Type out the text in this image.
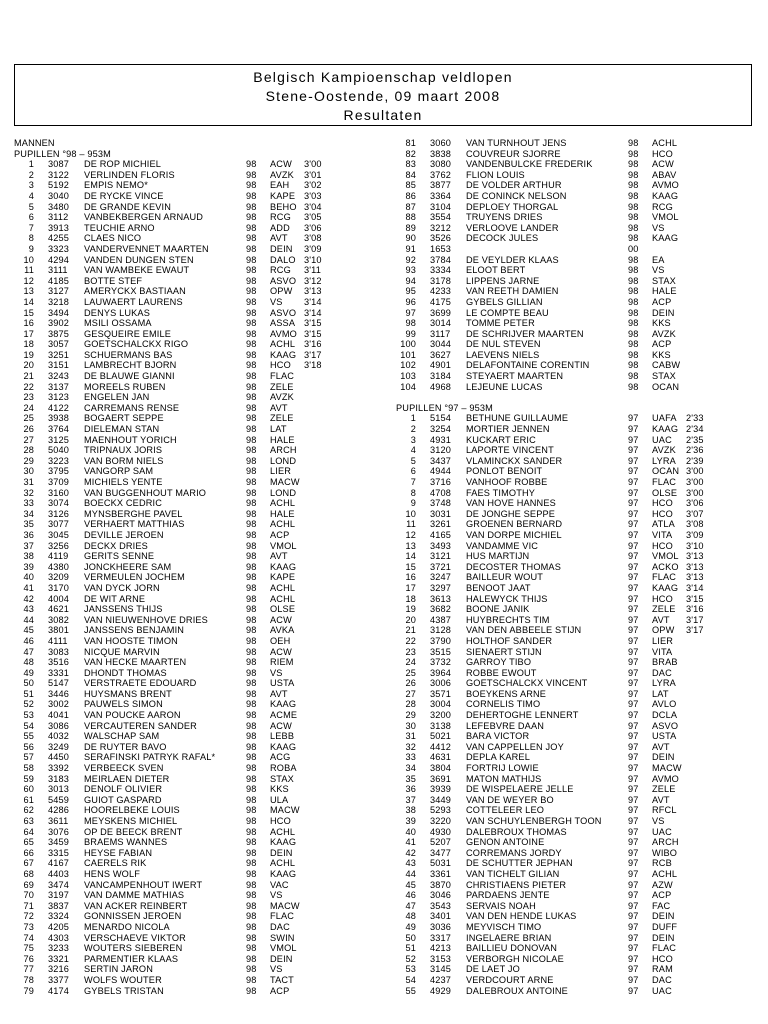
Belgisch Kampioenschap veldlopen
Stene-Oostende, 09 maart 2008
Resultaten
MANNEN
PUPILLEN °98 – 953M
1 3087 DE ROP MICHIEL	98 ACW 3'00
2 3122 VERLINDEN FLORIS	98 AVZK 3'01
3 5192 EMPIS NEMO*	98 EAH 3'02
4 3040 DE RYCKE VINCE	98 KAPE 3'03
5 3480 DE GRANDE KEVIN	98 BEHO 3'04
6 3112 VANBEKBERGEN ARNAUD	98 RCG 3'05
7 3913 TEUCHIE ARNO	98 ADD 3'06
8 4255 CLAES NICO	98 AVT 3'08
9 3323 VANDERVENNET MAARTEN	98 DEIN 3'09
10 4294 VANDEN DUNGEN STEN	98 DALO 3'10
11 3111 VAN WAMBEKE EWAUT	98 RCG 3'11
12 4185 BOTTE STEF	98 ASVO 3'12
13 3127 AMERYCKX BASTIAAN	98 OPW 3'13
14 3218 LAUWAERT LAURENS	98 VS 3'14
15 3494 DENYS LUKAS	98 ASVO 3'14
16 3902 MSILI OSSAMA	98 ASSA 3'15
17 3875 GESQUEIRE EMILE	98 AVMO 3'15
18 3057 GOETSCHALCKX RIGO	98 ACHL 3'16
19 3251 SCHUERMANS BAS	98 KAAG 3'17
20 3151 LAMBRECHT BJORN	98 HCO 3'18
21 3243 DE BLAUWE GIANNI	98 FLAC
22 3137 MOREELS RUBEN	98 ZELE
23 3123 ENGELEN JAN	98 AVZK
24 4122 CARREMANS RENSE	98 AVT
25 3938 BOGAERT SEPPE	98 ZELE
26 3764 DIELEMAN STAN	98 LAT
27 3125 MAENHOUT YORICH	98 HALE
28 5040 TRIPNAUX JORIS	98 ARCH
29 3223 VAN BORM NIELS	98 LOND
30 3795 VANGORP SAM	98 LIER
31 3709 MICHIELS YENTE	98 MACW
32 3160 VAN BUGGENHOUT MARIO	98 LOND
33 3074 BOECKX CEDRIC	98 ACHL
34 3126 MYNSBERGHE PAVEL	98 HALE
35 3077 VERHAERT MATTHIAS	98 ACHL
36 3045 DEVILLE JEROEN	98 ACP
37 3256 DECKX DRIES	98 VMOL
38 4119 GERITS SENNE	98 AVT
39 4380 JONCKHEERE SAM	98 KAAG
40 3209 VERMEULEN JOCHEM	98 KAPE
41 3170 VAN DYCK JORN	98 ACHL
42 4004 DE WIT ARNE	98 ACHL
43 4621 JANSSENS THIJS	98 OLSE
44 3082 VAN NIEUWENHOVE DRIES	98 ACW
45 3801 JANSSENS BENJAMIN	98 AVKA
46 4111 VAN HOOSTE TIMON	98 OEH
47 3083 NICQUE MARVIN	98 ACW
48 3516 VAN HECKE MAARTEN	98 RIEM
49 3331 DHONDT THOMAS	98 VS
50 5147 VERSTRAETE EDOUARD	98 USTA
51 3446 HUYSMANS BRENT	98 AVT
52 3002 PAUWELS SIMON	98 KAAG
53 4041 VAN POUCKE AARON	98 ACME
54 3086 VERCAUTEREN SANDER	98 ACW
55 4032 WALSCHAP SAM	98 LEBB
56 3249 DE RUYTER BAVO	98 KAAG
57 4450 SERAFINSKI PATRYK RAFAL*	98 ACG
58 3392 VERBEECK SVEN	98 ROBA
59 3183 MEIRLAEN DIETER	98 STAX
60 3013 DENOLF OLIVIER	98 KKS
61 5459 GUIOT GASPARD	98 ULA
62 4286 HOORELBEKE LOUIS	98 MACW
63 3611 MEYSKENS MICHIEL	98 HCO
64 3076 OP DE BEECK BRENT	98 ACHL
65 3459 BRAEMS WANNES	98 KAAG
66 3315 HEYSE FABIAN	98 DEIN
67 4167 CAERELS RIK	98 ACHL
68 4403 HENS WOLF	98 KAAG
69 3474 VANCAMPENHOUT IWERT	98 VAC
70 3197 VAN DAMME MATHIAS	98 VS
71 3837 VAN ACKER REINBERT	98 MACW
72 3324 GONNISSEN JEROEN	98 FLAC
73 4205 MENARDO NICOLA	98 DAC
74 4303 VERSCHAEVE VIKTOR	98 SWIN
75 3233 WOUTERS SIEBEREN	98 VMOL
76 3321 PARMENTIER KLAAS	98 DEIN
77 3216 SERTIN JARON	98 VS
78 3377 WOLFS WOUTER	98 TACT
79 4174 GYBELS TRISTAN	98 ACP
81 3060 VAN TURNHOUT JENS	98 ACHL
82 3838 COUVREUR SJORRE	98 HCO
83 3080 VANDENBULCKE FREDERIK	98 ACW
84 3762 FLION LOUIS	98 ABAV
85 3877 DE VOLDER ARTHUR	98 AVMO
86 3364 DE CONINCK NELSON	98 KAAG
87 3104 DEPLOEY THORGAL	98 RCG
88 3554 TRUYENS DRIES	98 VMOL
89 3212 VERLOOVE LANDER	98 VS
90 3526 DECOCK JULES	98 KAAG
91 1653	00
92 3784 DE VEYLDER KLAAS	98 EA
93 3334 ELOOT BERT	98 VS
94 3178 LIPPENS JARNE	98 STAX
95 4233 VAN REETH DAMIEN	98 HALE
96 4175 GYBELS GILLIAN	98 ACP
97 3699 LE COMPTE BEAU	98 DEIN
98 3014 TOMME PETER	98 KKS
99 3117 DE SCHRIJVER MAARTEN	98 AVZK
100 3044 DE NUL STEVEN	98 ACP
101 3627 LAEVENS NIELS	98 KKS
102 4901 DELAFONTAINE CORENTIN	98 CABW
103 3184 STEYAERT MAARTEN	98 STAX
104 4968 LEJEUNE LUCAS	98 OCAN
PUPILLEN °97 – 953M
1 5154 BETHUNE GUILLAUME	97 UAFA 2'33
2 3254 MORTIER JENNEN	97 KAAG 2'34
3 4931 KUCKART ERIC	97 UAC 2'35
4 3120 LAPORTE VINCENT	97 AVZK 2'36
5 3437 VLAMINCKX SANDER	97 LYRA 2'39
6 4944 PONLOT BENOIT	97 OCAN 3'00
7 3716 VANHOOF ROBBE	97 FLAC 3'00
8 4708 FAES TIMOTHY	97 OLSE 3'00
9 3748 VAN HOVE HANNES	97 HCO 3'06
10 3031 DE JONGHE SEPPE	97 HCO 3'07
11 3261 GROENEN BERNARD	97 ATLA 3'08
12 4165 VAN DORPE MICHIEL	97 VITA 3'09
13 3493 VANDAMME VIC	97 HCO 3'10
14 3121 HUS MARTIJN	97 VMOL 3'13
15 3721 DECOSTER THOMAS	97 ACKO 3'13
16 3247 BAILLEUR WOUT	97 FLAC 3'13
17 3297 BENOOT JAAT	97 KAAG 3'14
18 3613 HALEWYCK THIJS	97 HCO 3'15
19 3682 BOONE JANIK	97 ZELE 3'16
20 4387 HUYBRECHTS TIM	97 AVT 3'17
21 3128 VAN DEN ABBEELE STIJN	97 OPW 3'17
22 3790 HOLTHOF SANDER	97 LIER
23 3515 SIENAERT STIJN	97 VITA
24 3732 GARROY TIBO	97 BRAB
25 3964 ROBBE EWOUT	97 DAC
26 3006 GOETSCHALCKX VINCENT	97 LYRA
27 3571 BOEYKENS ARNE	97 LAT
28 3004 CORNELIS TIMO	97 AVLO
29 3200 DEHERTOGHE LENNERT	97 DCLA
30 3138 LEFEBVRE DAAN	97 ASVO
31 5021 BARA VICTOR	97 USTA
32 4412 VAN CAPPELLEN JOY	97 AVT
33 4631 DEPLA KAREL	97 DEIN
34 3804 FORTRIJ LOWIE	97 MACW
35 3691 MATON MATHIJS	97 AVMO
36 3939 DE WISPELAERE JELLE	97 ZELE
37 3449 VAN DE WEYER BO	97 AVT
38 5293 COTTELEER LEO	97 RFCL
39 3220 VAN SCHUYLENBERGH TOON	97 VS
40 4930 DALEBROUX THOMAS	97 UAC
41 5207 GENON ANTOINE	97 ARCH
42 3477 CORREMANS JORDY	97 WIBO
43 5031 DE SCHUTTER JEPHAN	97 RCB
44 3361 VAN TICHELT GILIAN	97 ACHL
45 3870 CHRISTIAENS PIETER	97 AZW
46 3046 PARDAENS JENTE	97 ACP
47 3543 SERVAIS NOAH	97 FAC
48 3401 VAN DEN HENDE LUKAS	97 DEIN
49 3036 MEYVISCH TIMO	97 DUFF
50 3317 INGELAERE BRIAN	97 DEIN
51 4213 BAILLIEU DONOVAN	97 FLAC
52 3153 VERBORGH NICOLAE	97 HCO
53 3145 DE LAET JO	97 RAM
54 4237 VERDCOURT ARNE	97 DAC
55 4929 DALEBROUX ANTOINE	97 UAC
